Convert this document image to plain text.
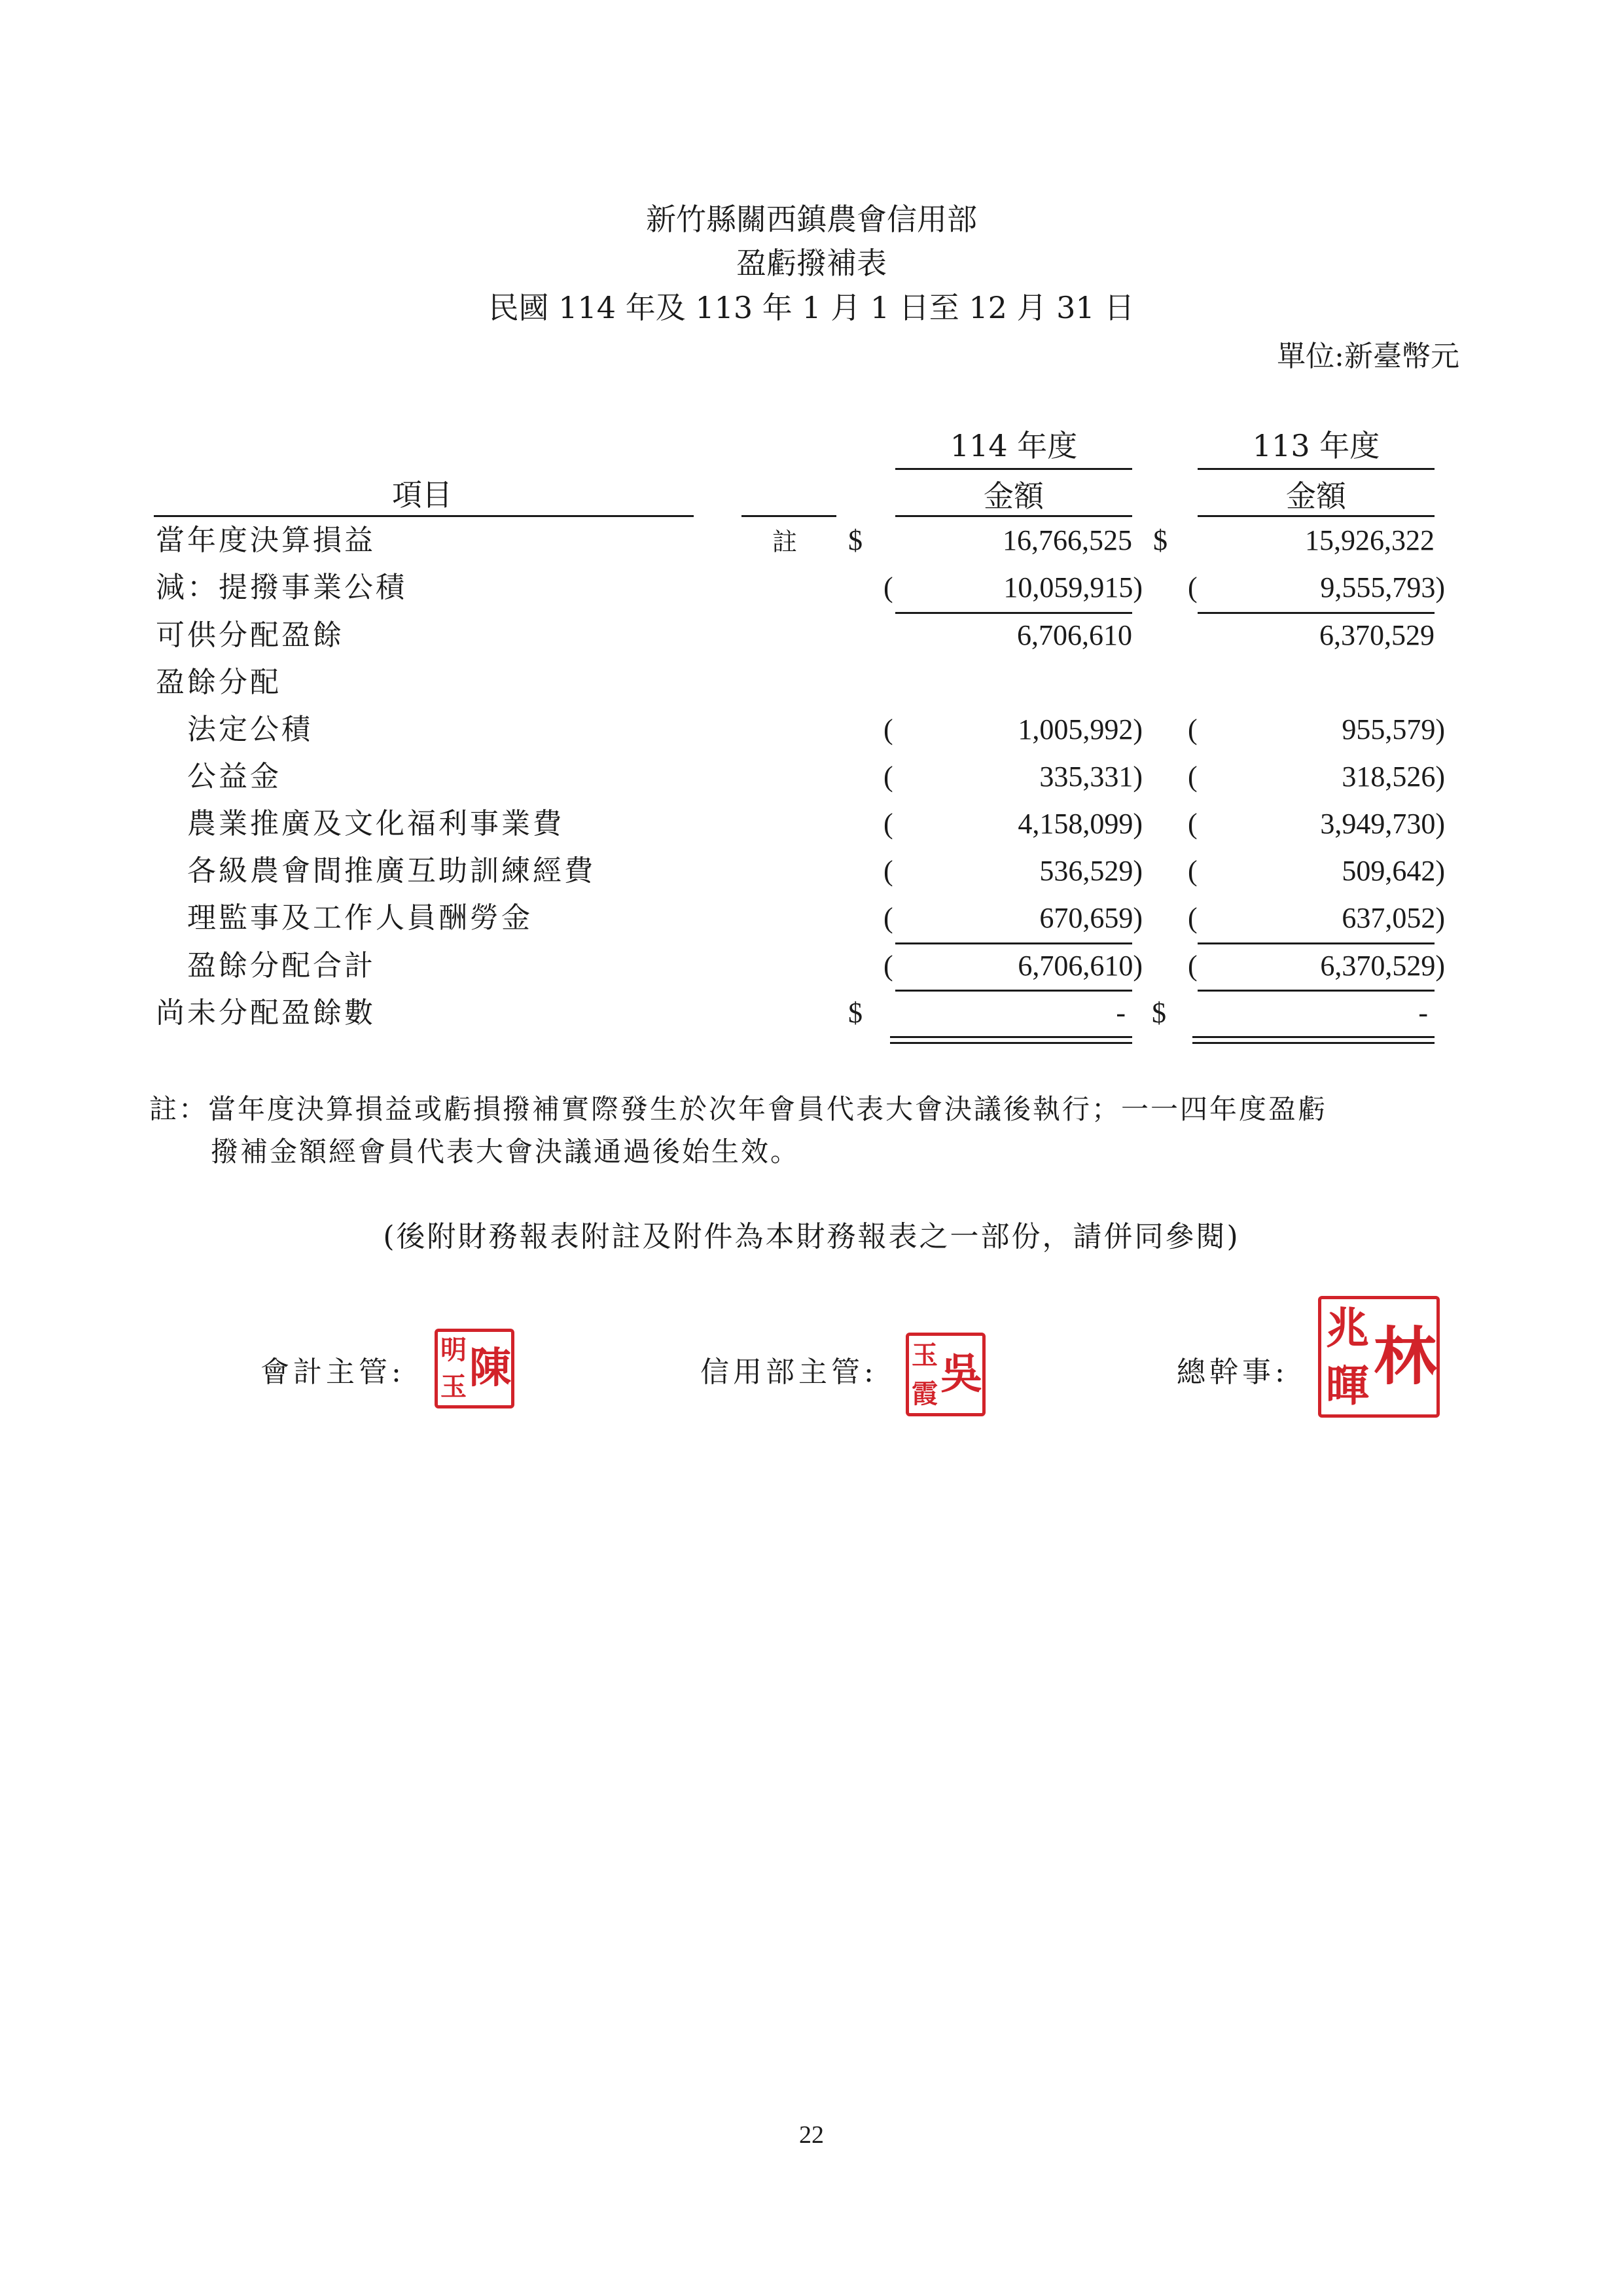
新竹縣關西鎮農會信用部
盈虧撥補表
民國 114 年及 113 年 1 月 1 日至 12 月 31 日
單位:新臺幣元
114 年度	113 年度
項目	金額	金額
當年度決算損益	註 $	16,766,525 $	15,926,322
減：提撥事業公積	(	10,059,915) (	9,555,793)
可供分配盈餘	6,706,610	6,370,529
盈餘分配
法定公積	(	1,005,992) (	955,579)
公益金	(	335,331) (	318,526)
農業推廣及文化福利事業費	(	4,158,099) (	3,949,730)
各級農會間推廣互助訓練經費	(	536,529) (	509,642)
理監事及工作人員酬勞金	(	670,659) (	637,052)
盈餘分配合計	(	6,706,610) (	6,370,529)
尚未分配盈餘數	$	- $	-
註：當年度決算損益或虧損撥補實際發生於次年會員代表大會決議後執行；一一四年度盈虧
撥補金額經會員代表大會決議通過後始生效。
(後附財務報表附註及附件為本財務報表之一部份，請併同參閱)
會計主管:
明 陳
玉	信用部主管:
玉 吳
霞
總幹事:
兆 林
暉
22
